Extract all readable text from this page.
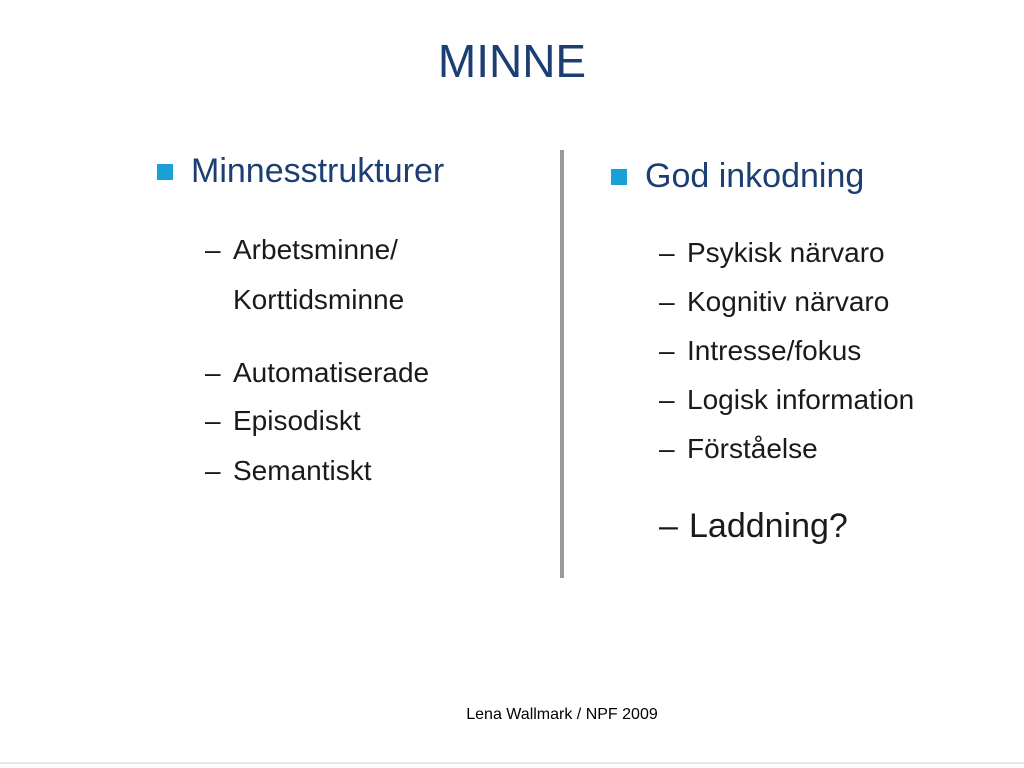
MINNE
Minnesstrukturer
– Arbetsminne/
Korttidsminne
– Automatiserade
– Episodiskt
– Semantiskt
God inkodning
– Psykisk närvaro
– Kognitiv närvaro
– Intresse/fokus
– Logisk information
– Förståelse
– Laddning?
Lena Wallmark / NPF 2009
